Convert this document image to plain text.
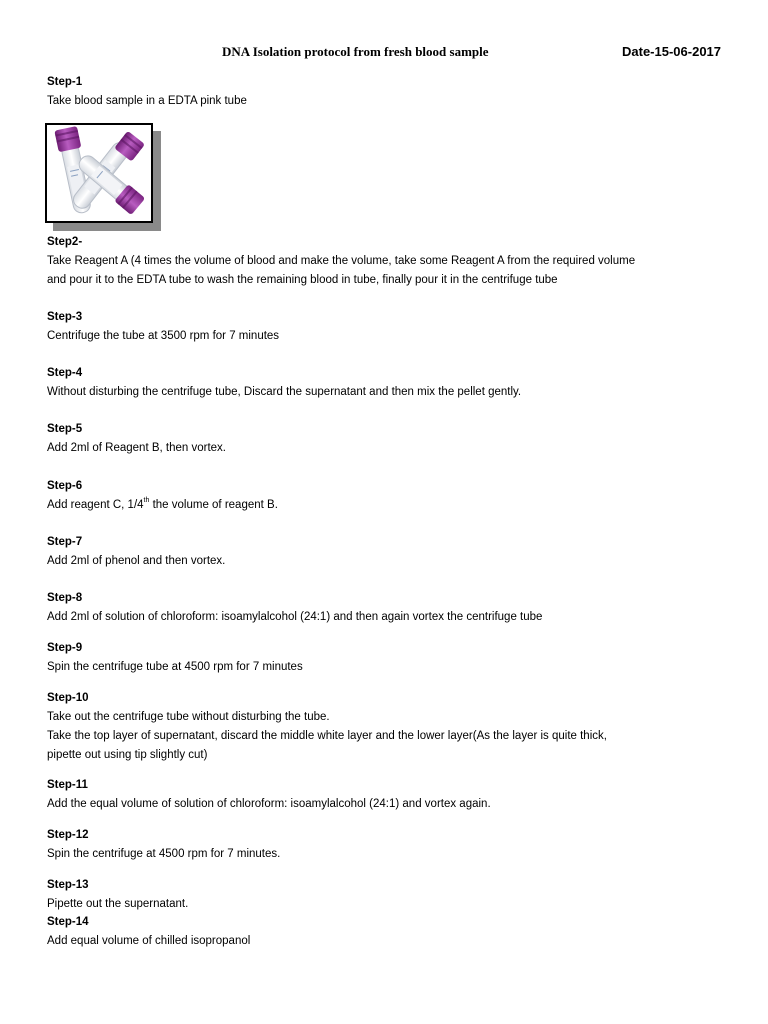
DNA Isolation protocol from fresh blood sample	Date-15-06-2017
Step-1
Take blood sample in a EDTA pink tube
Step2-
Take Reagent A (4 times the volume of blood and make the volume, take some Reagent A from the required volume
and pour it to the EDTA tube to wash the remaining blood in tube, finally pour it in the centrifuge tube
Step-3
Centrifuge the tube at 3500 rpm for 7 minutes
Step-4
Without disturbing the centrifuge tube, Discard the supernatant and then mix the pellet gently.
Step-5
Add 2ml of Reagent B, then vortex.
Step-6
Add reagent C, 1/4th the volume of reagent B.
Step-7
Add 2ml of phenol and then vortex.
Step-8
Add 2ml of solution of chloroform: isoamylalcohol (24:1) and then again vortex the centrifuge tube
Step-9
Spin the centrifuge tube at 4500 rpm for 7 minutes
Step-10
Take out the centrifuge tube without disturbing the tube.
Take the top layer of supernatant, discard the middle white layer and the lower layer(As the layer is quite thick,
pipette out using tip slightly cut)
Step-11
Add the equal volume of solution of chloroform: isoamylalcohol (24:1) and vortex again.
Step-12
Spin the centrifuge at 4500 rpm for 7 minutes.
Step-13
Pipette out the supernatant.
Step-14
Add equal volume of chilled isopropanol
